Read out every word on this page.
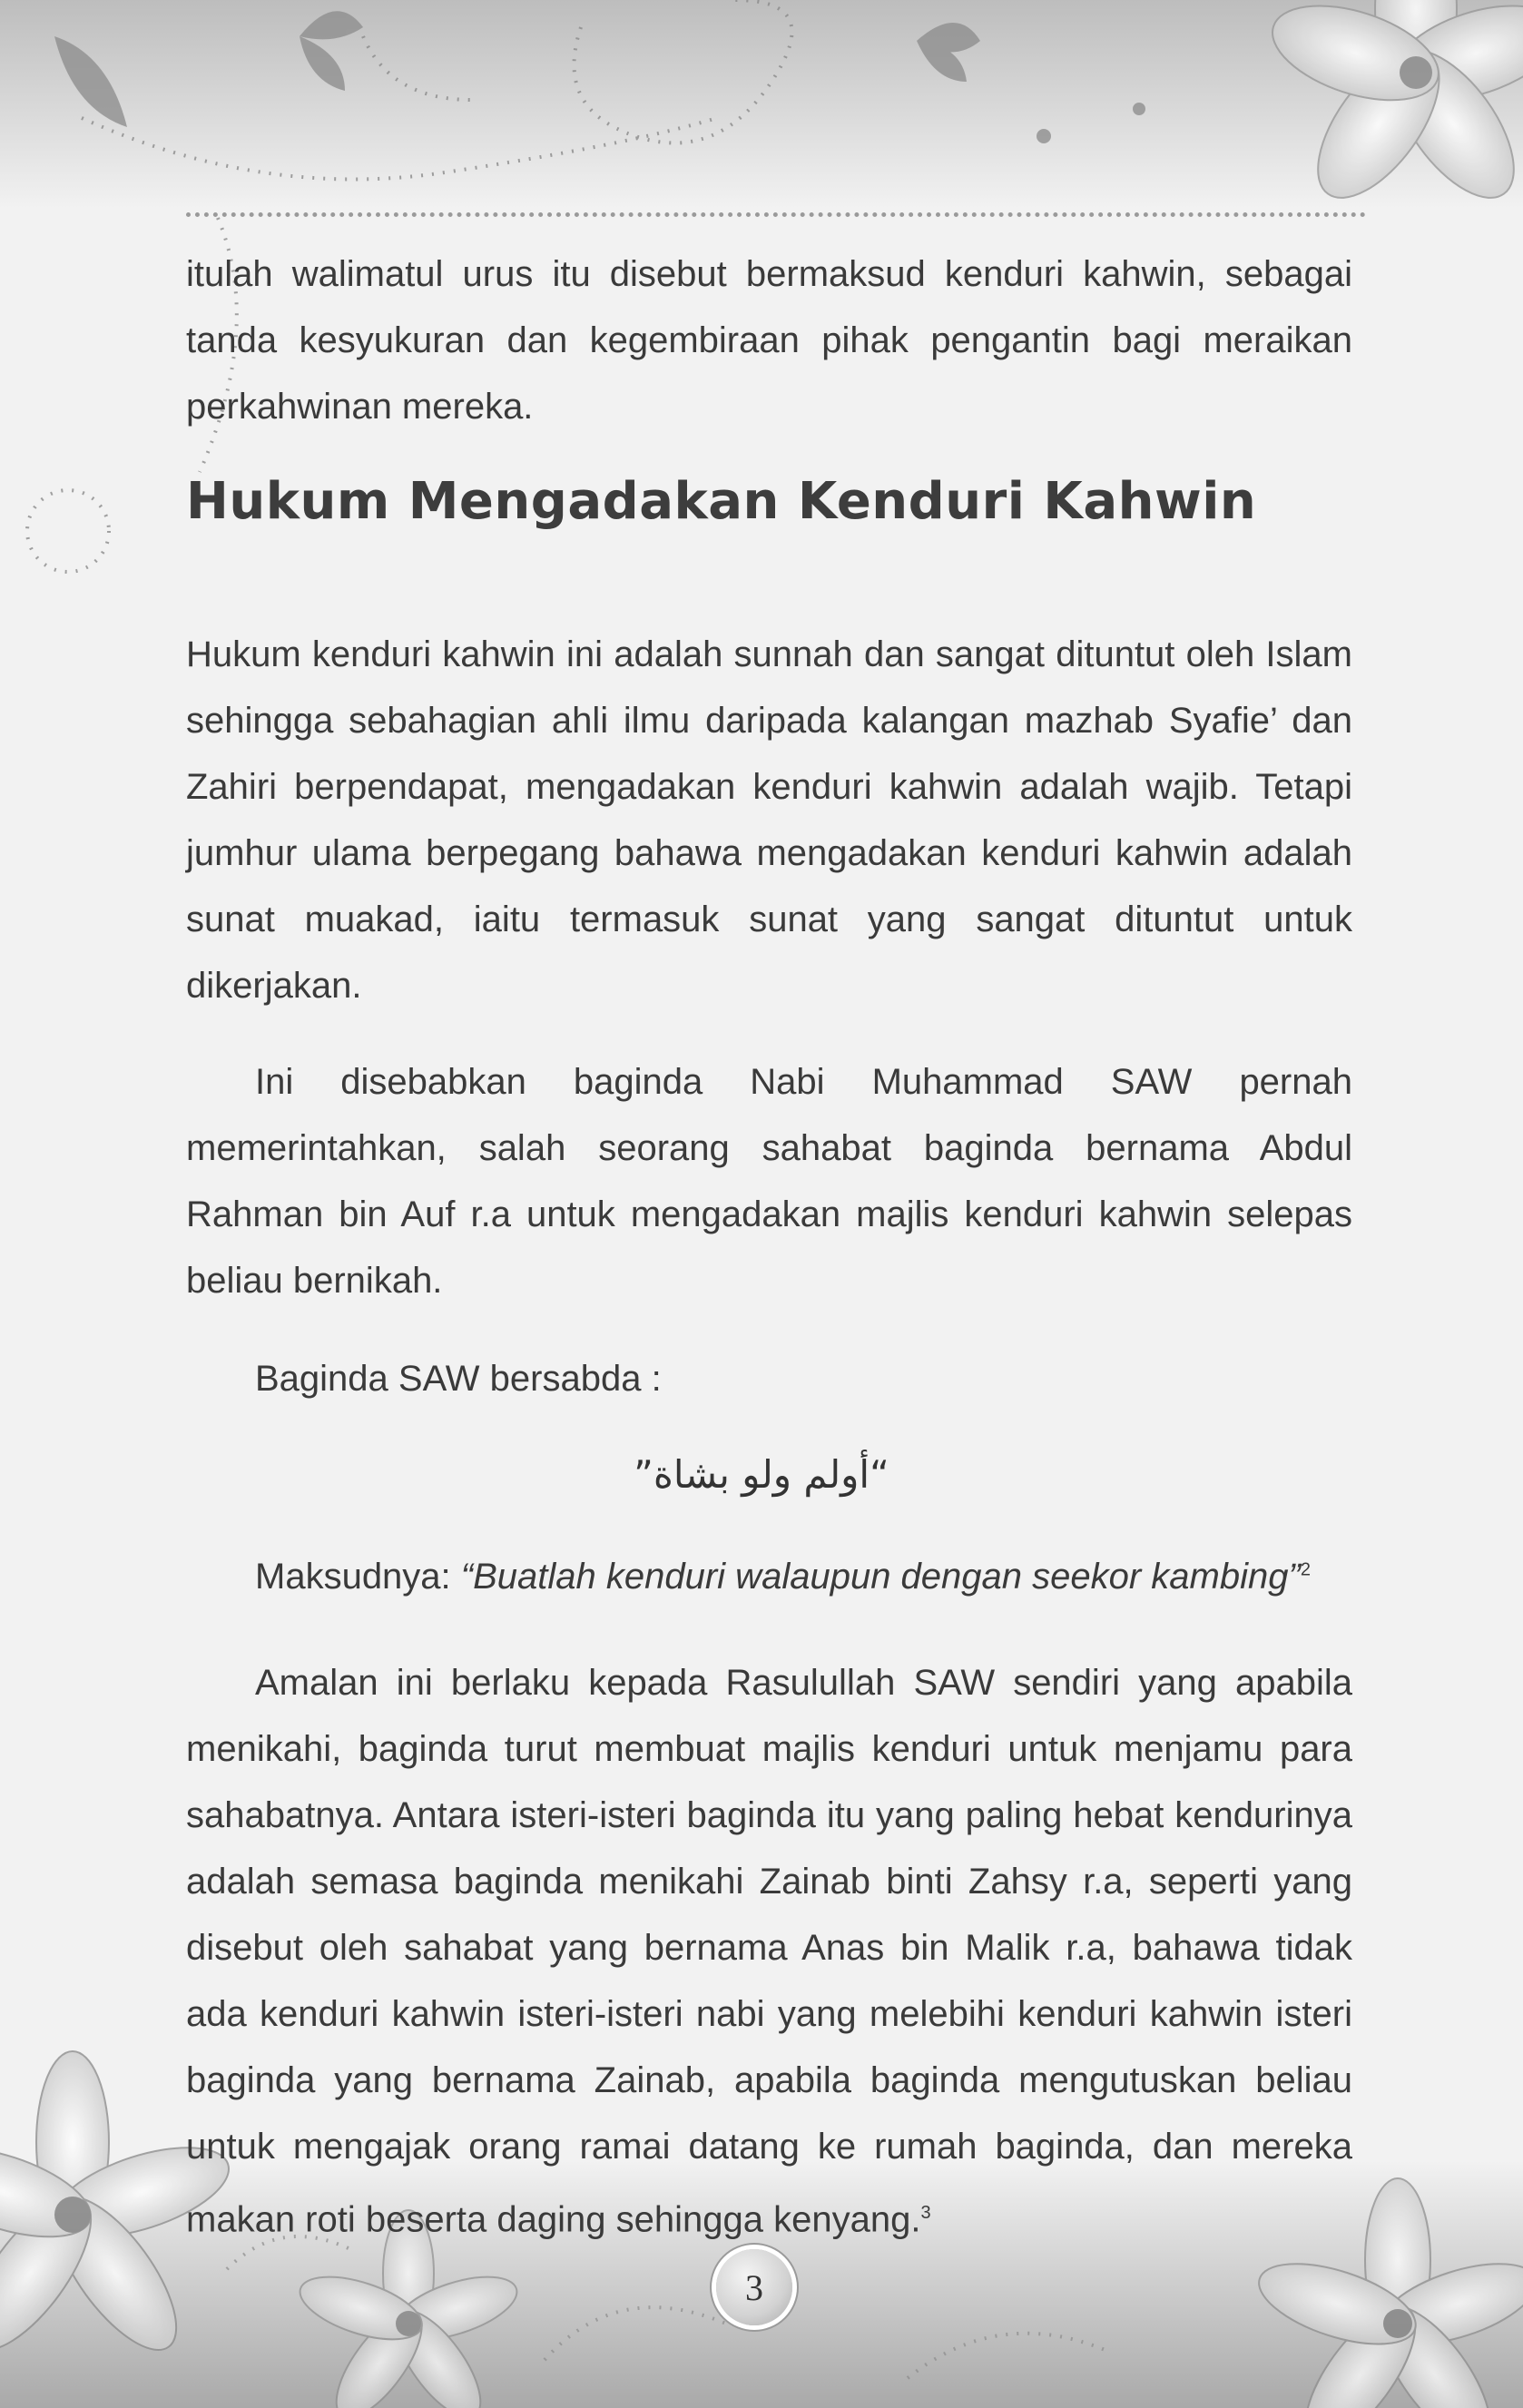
itulah walimatul urus itu disebut bermaksud kenduri kahwin, sebagai tanda kesyukuran dan kegembiraan pihak pengantin bagi meraikan perkahwinan mereka.

Hukum Mengadakan Kenduri Kahwin

Hukum kenduri kahwin ini adalah sunnah dan sangat dituntut oleh Islam sehingga sebahagian ahli ilmu daripada kalangan mazhab Syafie’ dan Zahiri berpendapat, mengadakan kenduri kahwin adalah wajib. Tetapi jumhur ulama berpegang bahawa mengadakan kenduri kahwin adalah sunat muakad, iaitu termasuk sunat yang sangat dituntut untuk dikerjakan.

Ini disebabkan baginda Nabi Muhammad SAW pernah memerintahkan, salah seorang sahabat baginda bernama Abdul Rahman bin Auf r.a untuk mengadakan majlis kenduri kahwin selepas beliau bernikah.

Baginda SAW bersabda :

“أولم ولو بشاة”
Maksudnya: “Buatlah kenduri walaupun dengan seekor kambing”$^2$

Amalan ini berlaku kepada Rasulullah SAW sendiri yang apabila menikahi, baginda turut membuat majlis kenduri untuk menjamu para sahabatnya. Antara isteri-isteri baginda itu yang paling hebat kendurinya adalah semasa baginda menikahi Zainab binti Zahsy r.a, seperti yang disebut oleh sahabat yang bernama Anas bin Malik r.a, bahawa tidak ada kenduri kahwin isteri-isteri nabi yang melebihi kenduri kahwin isteri baginda yang bernama Zainab, apabila baginda mengutuskan beliau untuk mengajak orang ramai datang ke rumah baginda, dan mereka makan roti beserta daging sehingga kenyang.$^3$

3
